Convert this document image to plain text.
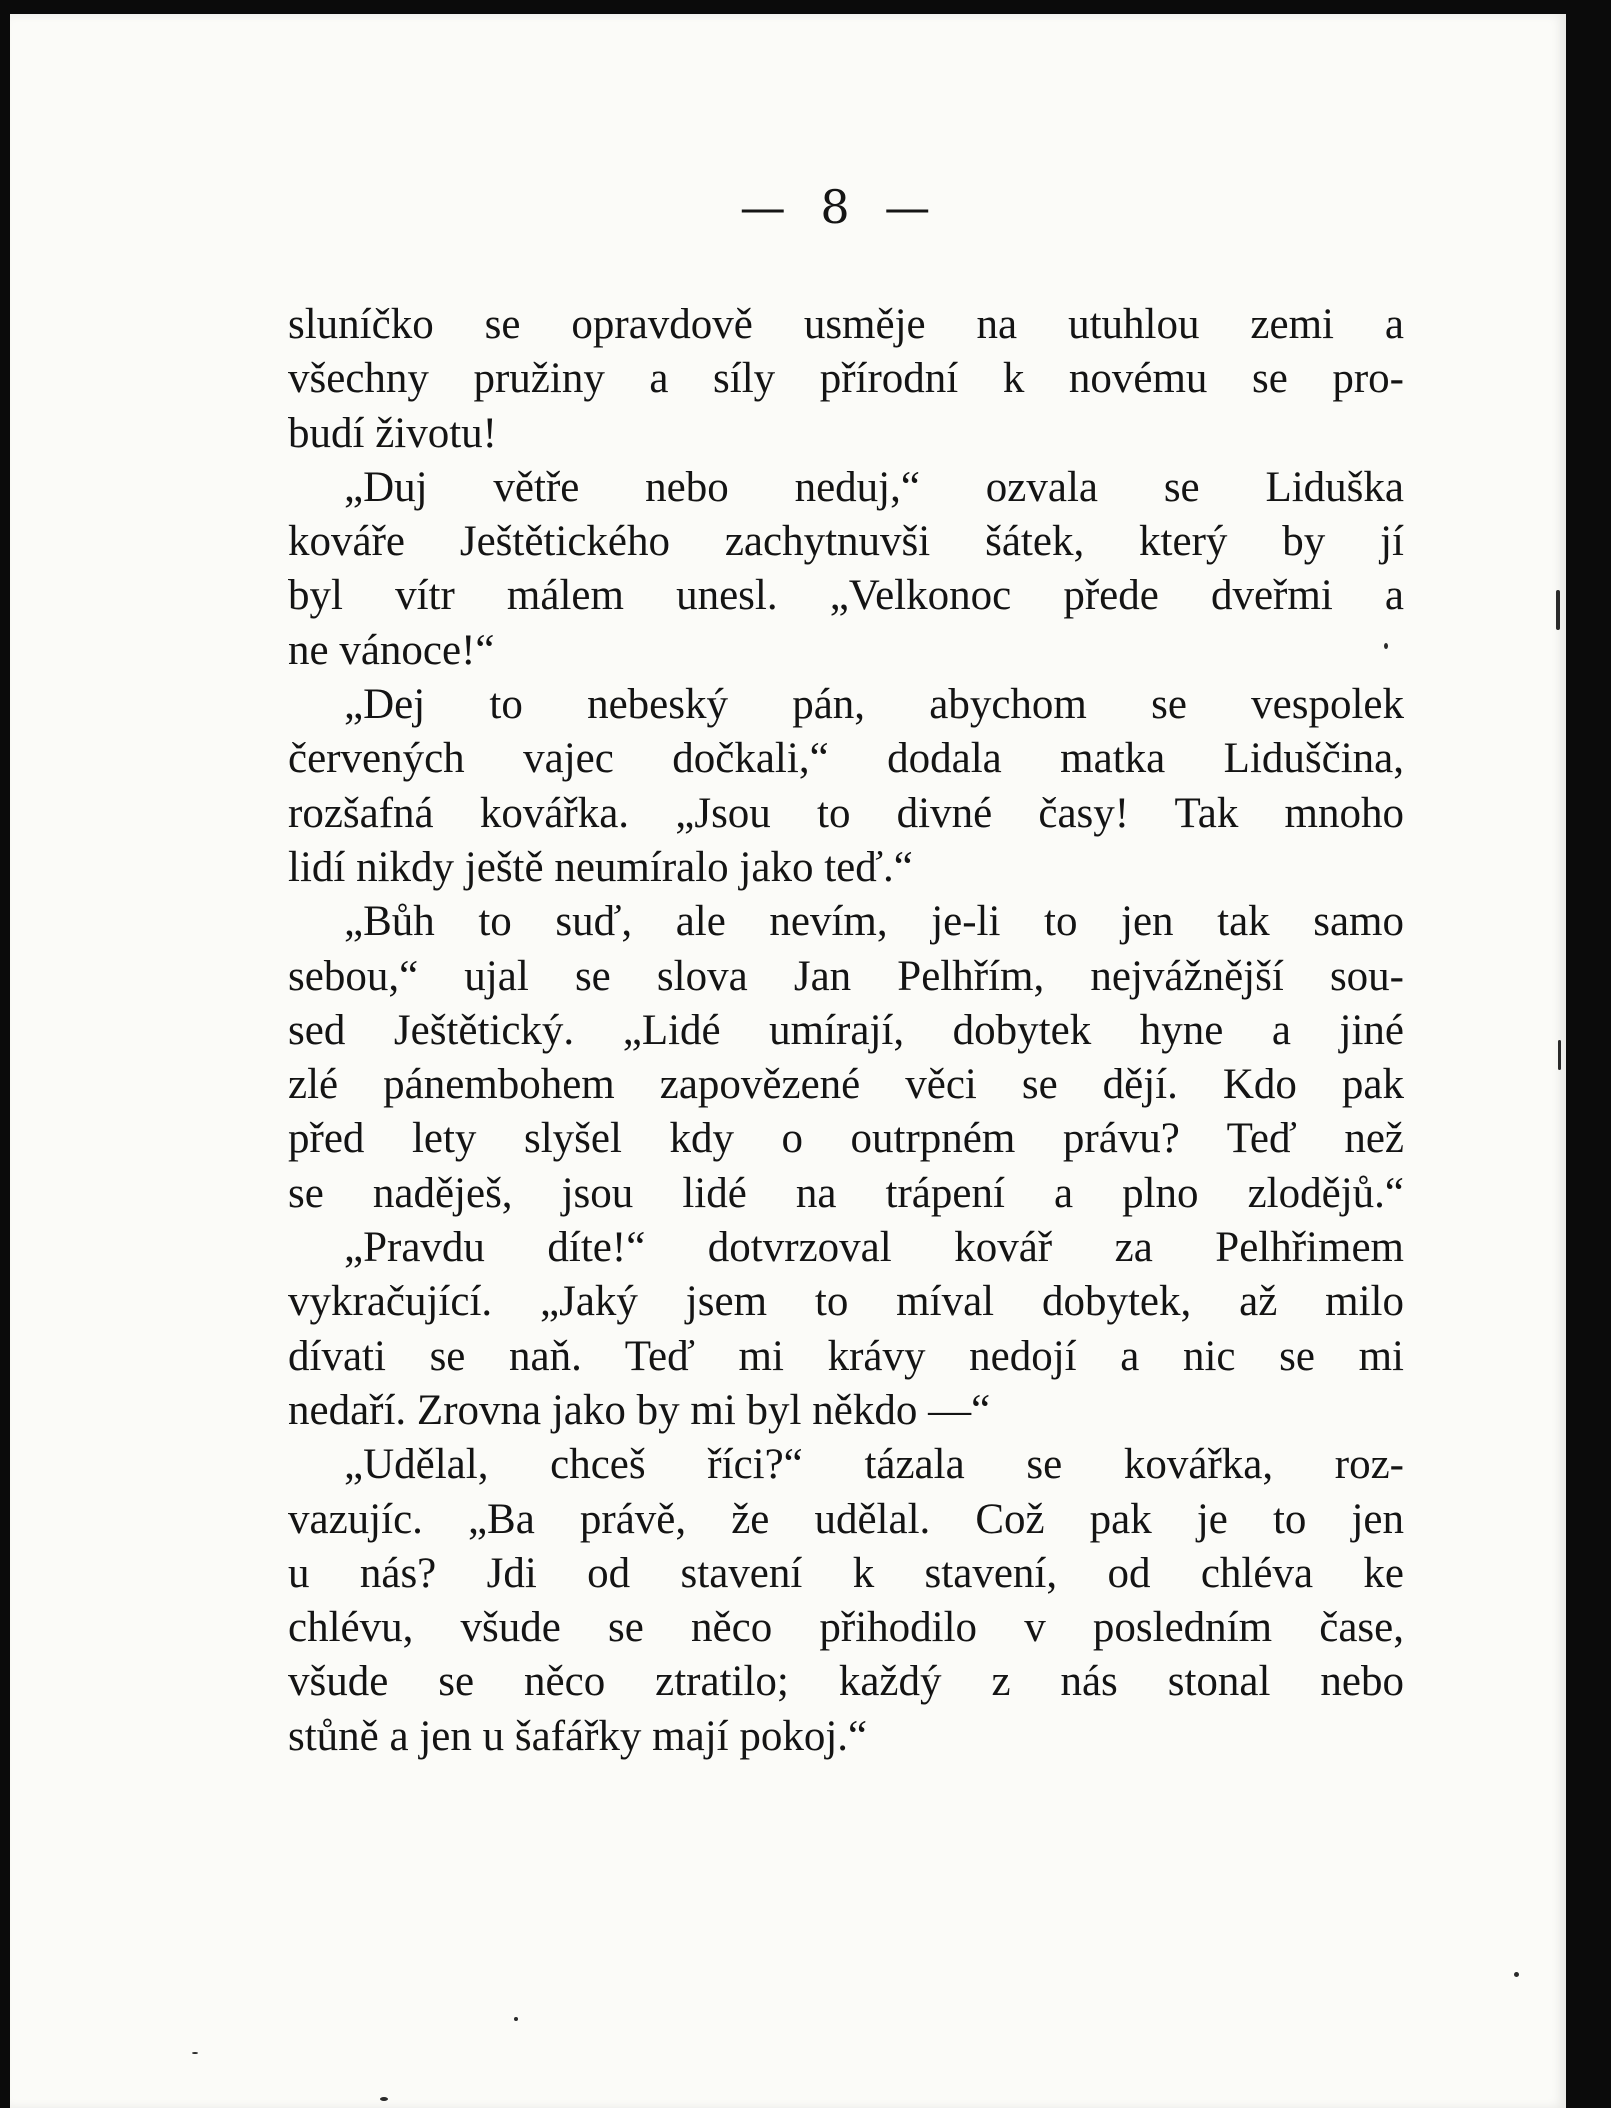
— 8 —
sluníčko se opravdově usměje na utuhlou zemi a
všechny pružiny a síly přírodní k novému se pro-
budí životu!
„Duj větře nebo neduj,“ ozvala se Liduška
kováře Ještětického zachytnuvši šátek, který by jí
byl vítr málem unesl. „Velkonoc přede dveřmi a
ne vánoce!“
„Dej to nebeský pán, abychom se vespolek
červených vajec dočkali,“ dodala matka Liduščina,
rozšafná kovářka. „Jsou to divné časy! Tak mnoho
lidí nikdy ještě neumíralo jako teď.“
„Bůh to suď, ale nevím, je-li to jen tak samo
sebou,“ ujal se slova Jan Pelhřím, nejvážnější sou-
sed Ještětický. „Lidé umírají, dobytek hyne a jiné
zlé pánembohem zapovězené věci se dějí. Kdo pak
před lety slyšel kdy o outrpném právu? Teď než
se naděješ, jsou lidé na trápení a plno zlodějů.“
„Pravdu díte!“ dotvrzoval kovář za Pelhřimem
vykračující. „Jaký jsem to míval dobytek, až milo
dívati se naň. Teď mi krávy nedojí a nic se mi
nedaří. Zrovna jako by mi byl někdo —“
„Udělal, chceš říci?“ tázala se kovářka, roz-
vazujíc. „Ba právě, že udělal. Což pak je to jen
u nás? Jdi od stavení k stavení, od chléva ke
chlévu, všude se něco přihodilo v posledním čase,
všude se něco ztratilo; každý z nás stonal nebo
stůně a jen u šafářky mají pokoj.“
